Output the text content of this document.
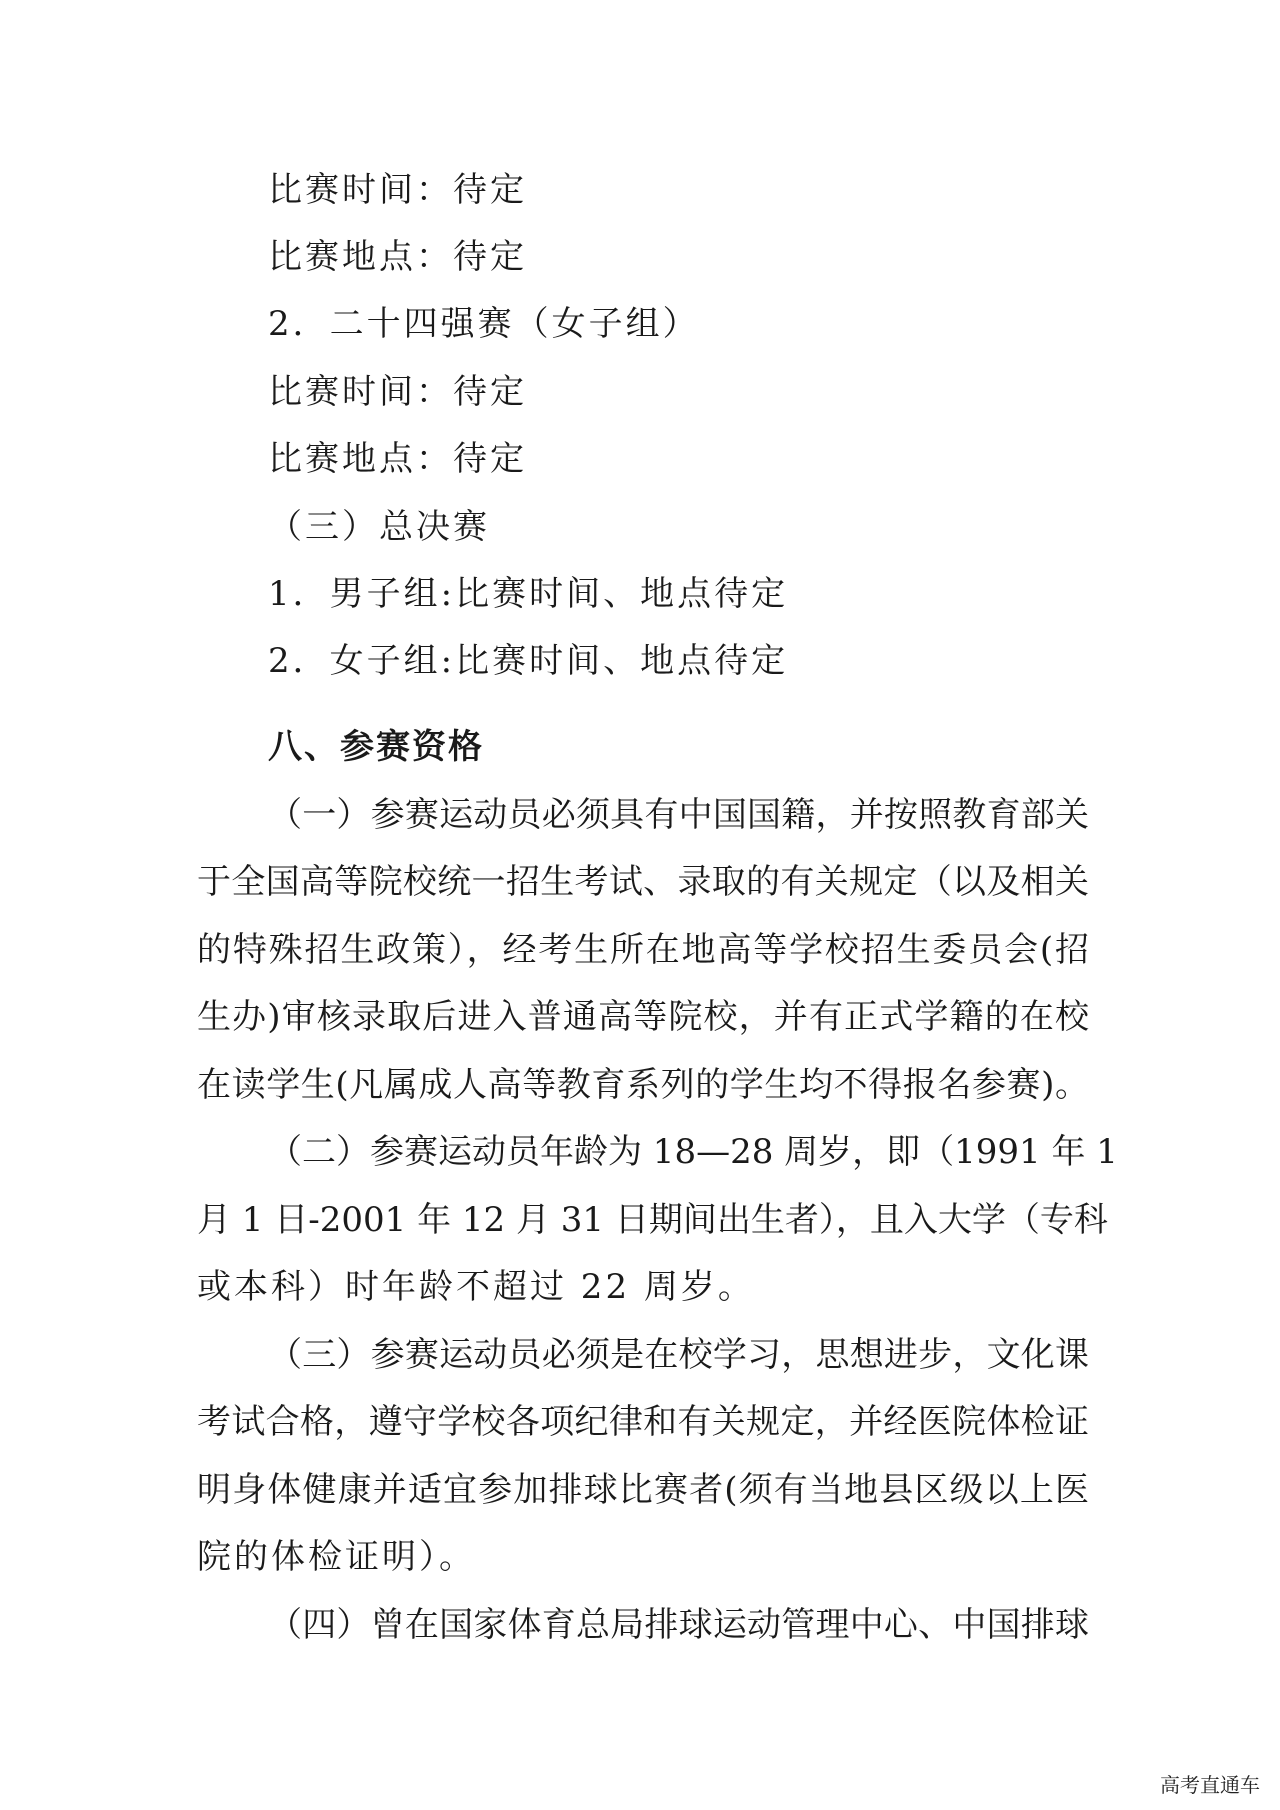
比赛时间：待定
比赛地点：待定
2．二十四强赛（女子组）
比赛时间：待定
比赛地点：待定
（三）总决赛
1．男子组:比赛时间、地点待定
2．女子组:比赛时间、地点待定
八、参赛资格
（一）参赛运动员必须具有中国国籍，并按照教育部关
于全国高等院校统一招生考试、录取的有关规定（以及相关
的特殊招生政策），经考生所在地高等学校招生委员会(招
生办)审核录取后进入普通高等院校，并有正式学籍的在校
在读学生(凡属成人高等教育系列的学生均不得报名参赛)。
（二）参赛运动员年龄为 18—28 周岁，即（1991 年 1
月 1 日-2001 年 12 月 31 日期间出生者），且入大学（专科
或本科）时年龄不超过 22 周岁。
（三）参赛运动员必须是在校学习，思想进步，文化课
考试合格，遵守学校各项纪律和有关规定，并经医院体检证
明身体健康并适宜参加排球比赛者(须有当地县区级以上医
院的体检证明）。
（四）曾在国家体育总局排球运动管理中心、中国排球
高考直通车
